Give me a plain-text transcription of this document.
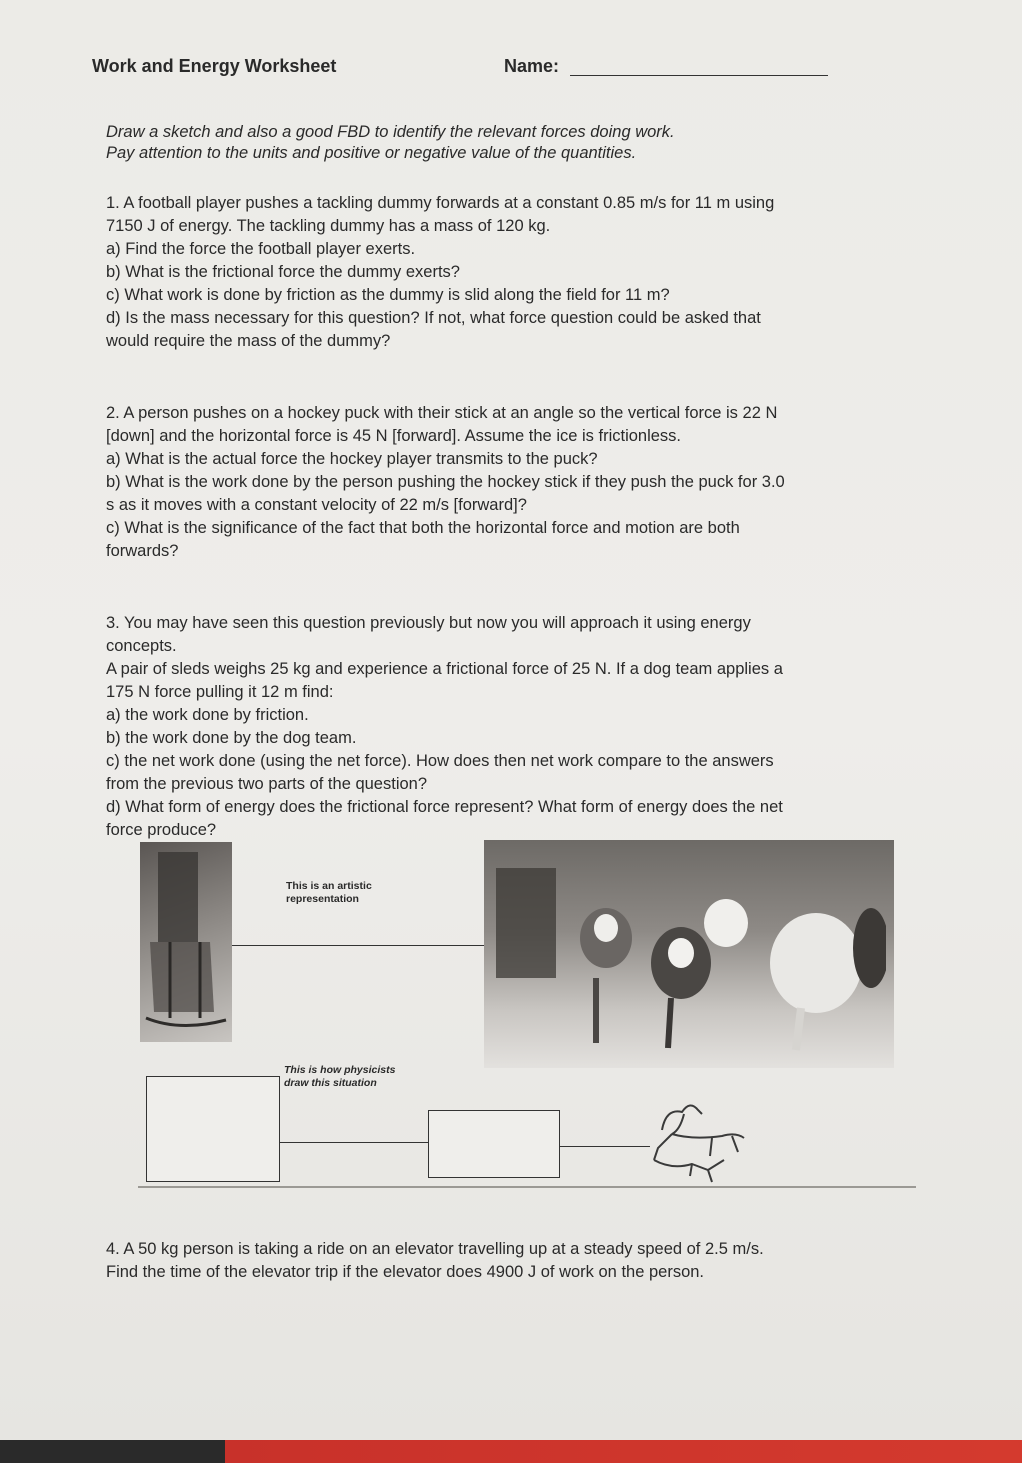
Work and Energy Worksheet	Name:
Draw a sketch and also a good FBD to identify the relevant forces doing work.
Pay attention to the units and positive or negative value of the quantities.

1. A football player pushes a tackling dummy forwards at a constant 0.85 m/s for 11 m using

7150 J of energy. The tackling dummy has a mass of 120 kg.

a) Find the force the football player exerts.

b) What is the frictional force the dummy exerts?

c) What work is done by friction as the dummy is slid along the field for 11 m?

d) Is the mass necessary for this question? If not, what force question could be asked that

would require the mass of the dummy?

2. A person pushes on a hockey puck with their stick at an angle so the vertical force is 22 N

[down] and the horizontal force is 45 N [forward]. Assume the ice is frictionless.

a) What is the actual force the hockey player transmits to the puck?

b) What is the work done by the person pushing the hockey stick if they push the puck for 3.0

s as it moves with a constant velocity of 22 m/s [forward]?

c) What is the significance of the fact that both the horizontal force and motion are both

forwards?

3. You may have seen this question previously but now you will approach it using energy

concepts.

A pair of sleds weighs 25 kg and experience a frictional force of 25 N. If a dog team applies a

175 N force pulling it 12 m find:

a) the work done by friction.

b) the work done by the dog team.

c) the net work done (using the net force). How does then net work compare to the answers

from the previous two parts of the question?

d) What form of energy does the frictional force represent? What form of energy does the net

force produce?

This is an artistic
representation
This is how physicists
draw this situation

4. A 50 kg person is taking a ride on an elevator travelling up at a steady speed of 2.5 m/s.

Find the time of the elevator trip if the elevator does 4900 J of work on the person.
